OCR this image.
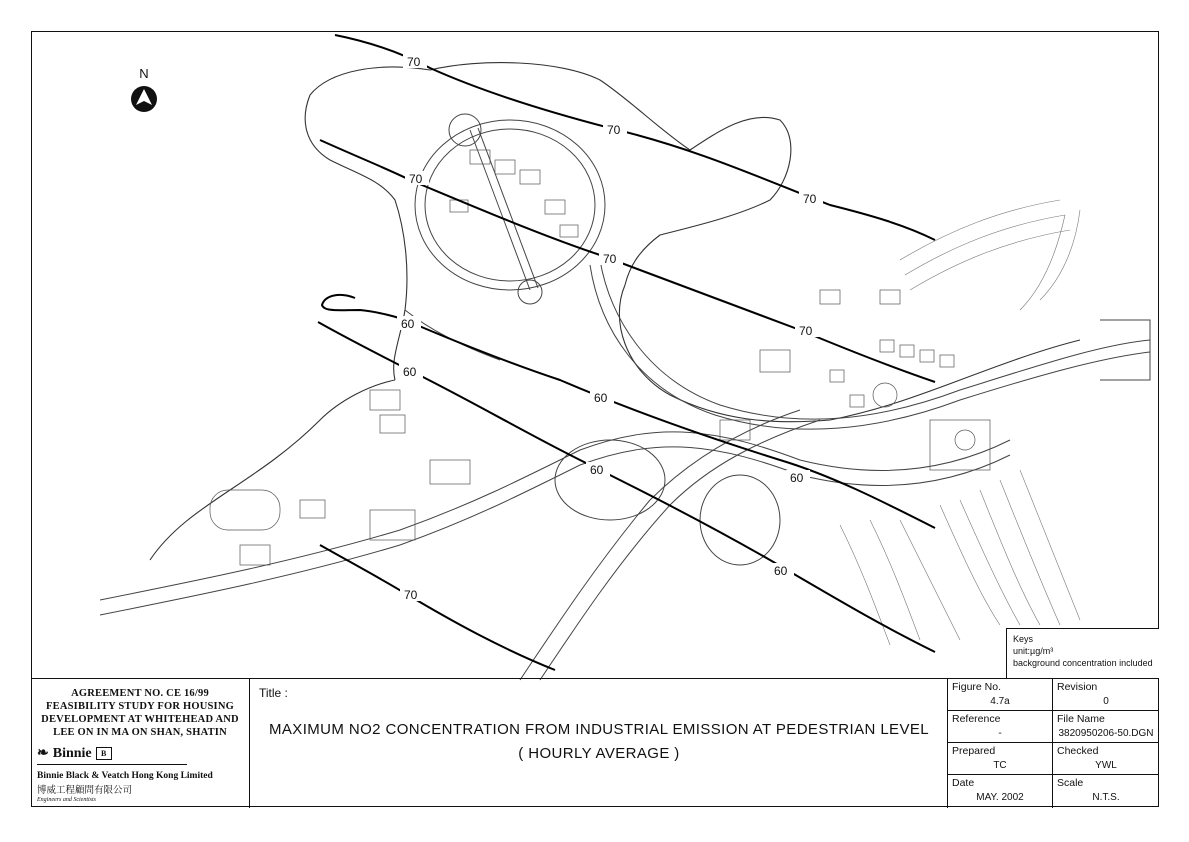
70
70
70
70
70
70
60
60
60
60
60
60
70
N
Keys
unit:µg/m³
background concentration included
AGREEMENT NO. CE 16/99
FEASIBILITY STUDY FOR HOUSING
DEVELOPMENT AT WHITEHEAD AND
LEE ON IN MA ON SHAN, SHATIN
❧ Binnie	B
Binnie Black & Veatch Hong Kong Limited
博威工程顧問有限公司
Engineers and Scientists
Title :
MAXIMUM NO2 CONCENTRATION FROM INDUSTRIAL EMISSION AT PEDESTRIAN LEVEL
( HOURLY AVERAGE )
Figure No.
4.7a
Revision
0
Reference
-
File Name
3820950206-50.DGN
Prepared
TC
Checked
YWL
Date
MAY. 2002
Scale
N.T.S.
